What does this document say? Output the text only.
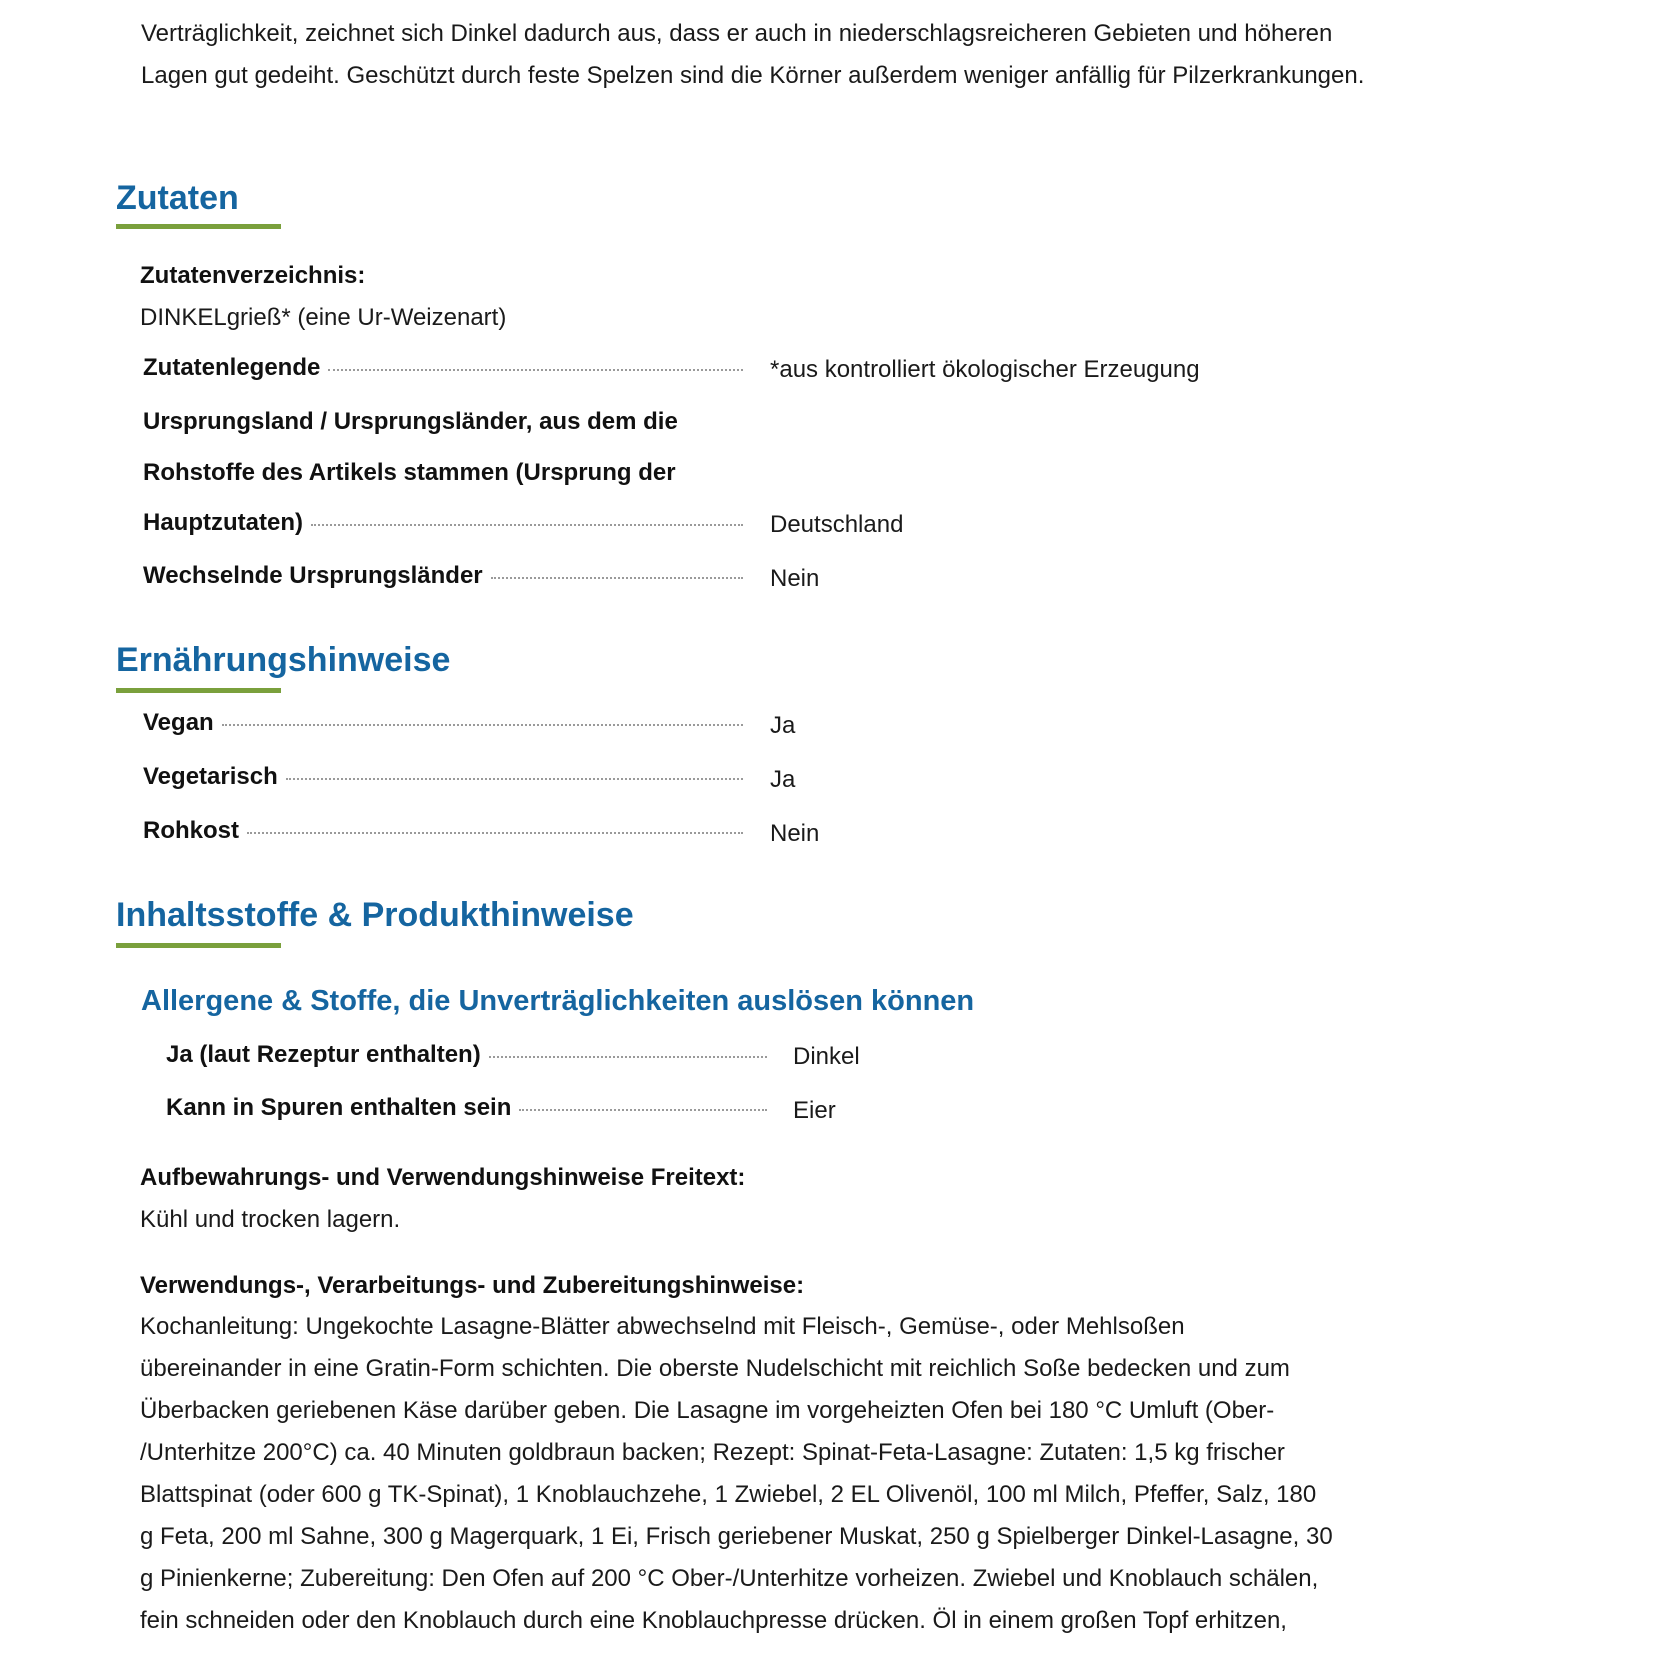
Verträglichkeit, zeichnet sich Dinkel dadurch aus, dass er auch in niederschlagsreicheren Gebieten und höheren Lagen gut gedeiht. Geschützt durch feste Spelzen sind die Körner außerdem weniger anfällig für Pilzerkrankungen.

Zutaten
Zutatenverzeichnis:
DINKELgrieß* (eine Ur-Weizenart)
Zutatenlegende	*aus kontrolliert ökologischer Erzeugung
Ursprungsland / Ursprungsländer, aus dem die
Rohstoffe des Artikels stammen (Ursprung der
Hauptzutaten)	Deutschland
Wechselnde Ursprungsländer	Nein
Ernährungshinweise
Vegan	Ja
Vegetarisch	Ja
Rohkost	Nein
Inhaltsstoffe & Produkthinweise
Allergene & Stoffe, die Unverträglichkeiten auslösen können
Ja (laut Rezeptur enthalten)	Dinkel
Kann in Spuren enthalten sein	Eier
Aufbewahrungs- und Verwendungshinweise Freitext:
Kühl und trocken lagern.
Verwendungs-, Verarbeitungs- und Zubereitungshinweise:
Kochanleitung: Ungekochte Lasagne-Blätter abwechselnd mit Fleisch-, Gemüse-, oder Mehlsoßen
übereinander in eine Gratin-Form schichten. Die oberste Nudelschicht mit reichlich Soße bedecken und zum
Überbacken geriebenen Käse darüber geben. Die Lasagne im vorgeheizten Ofen bei 180 °C Umluft (Ober-
/Unterhitze 200°C) ca. 40 Minuten goldbraun backen; Rezept: Spinat-Feta-Lasagne: Zutaten: 1,5 kg frischer
Blattspinat (oder 600 g TK-Spinat), 1 Knoblauchzehe, 1 Zwiebel, 2 EL Olivenöl, 100 ml Milch, Pfeffer, Salz, 180
g Feta, 200 ml Sahne, 300 g Magerquark, 1 Ei, Frisch geriebener Muskat, 250 g Spielberger Dinkel-Lasagne, 30
g Pinienkerne; Zubereitung: Den Ofen auf 200 °C Ober-/Unterhitze vorheizen. Zwiebel und Knoblauch schälen,
fein schneiden oder den Knoblauch durch eine Knoblauchpresse drücken. Öl in einem großen Topf erhitzen,
